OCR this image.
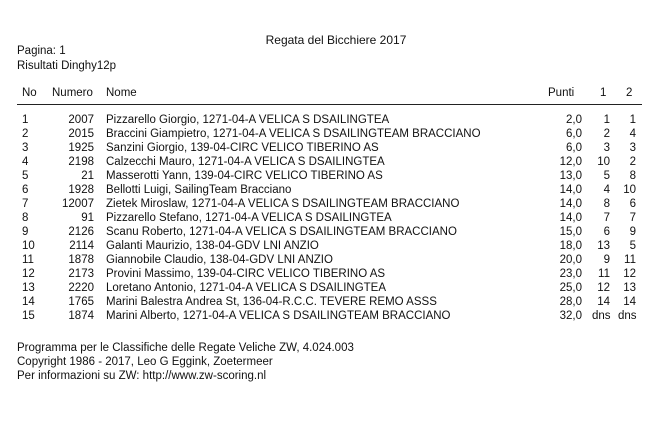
Regata del Bicchiere 2017
Pagina: 1
Risultati Dinghy12p
No Numero Nome	Punti 1 2
1	2007 Pizzarello Giorgio, 1271-04-A VELICA S DSAILINGTEA	2,0	1	1
2	2015 Braccini Giampietro, 1271-04-A VELICA S DSAILINGTEAM BRACCIANO	6,0	2	4
3	1925 Sanzini Giorgio, 139-04-CIRC VELICO TIBERINO AS	6,0	3	3
4	2198 Calzecchi Mauro, 1271-04-A VELICA S DSAILINGTEA	12,0	10	2
5	21 Masserotti Yann, 139-04-CIRC VELICO TIBERINO AS	13,0	5	8
6	1928 Bellotti Luigi, SailingTeam Bracciano	14,0	4	10
7	12007 Zietek Miroslaw, 1271-04-A VELICA S DSAILINGTEAM BRACCIANO	14,0	8	6
8	91 Pizzarello Stefano, 1271-04-A VELICA S DSAILINGTEA	14,0	7	7
9	2126 Scanu Roberto, 1271-04-A VELICA S DSAILINGTEAM BRACCIANO	15,0	6	9
10	2114 Galanti Maurizio, 138-04-GDV LNI ANZIO	18,0	13	5
11	1878 Giannobile Claudio, 138-04-GDV LNI ANZIO	20,0	9	11
12	2173 Provini Massimo, 139-04-CIRC VELICO TIBERINO AS	23,0	11	12
13	2220 Loretano Antonio, 1271-04-A VELICA S DSAILINGTEA	25,0	12	13
14	1765 Marini Balestra Andrea St, 136-04-R.C.C. TEVERE REMO ASSS	28,0	14	14
15	1874 Marini Alberto, 1271-04-A VELICA S DSAILINGTEAM BRACCIANO	32,0 dns dns
Programma per le Classifiche delle Regate Veliche ZW, 4.024.003
Copyright 1986 - 2017, Leo G Eggink, Zoetermeer
Per informazioni su ZW: http://www.zw-scoring.nl
